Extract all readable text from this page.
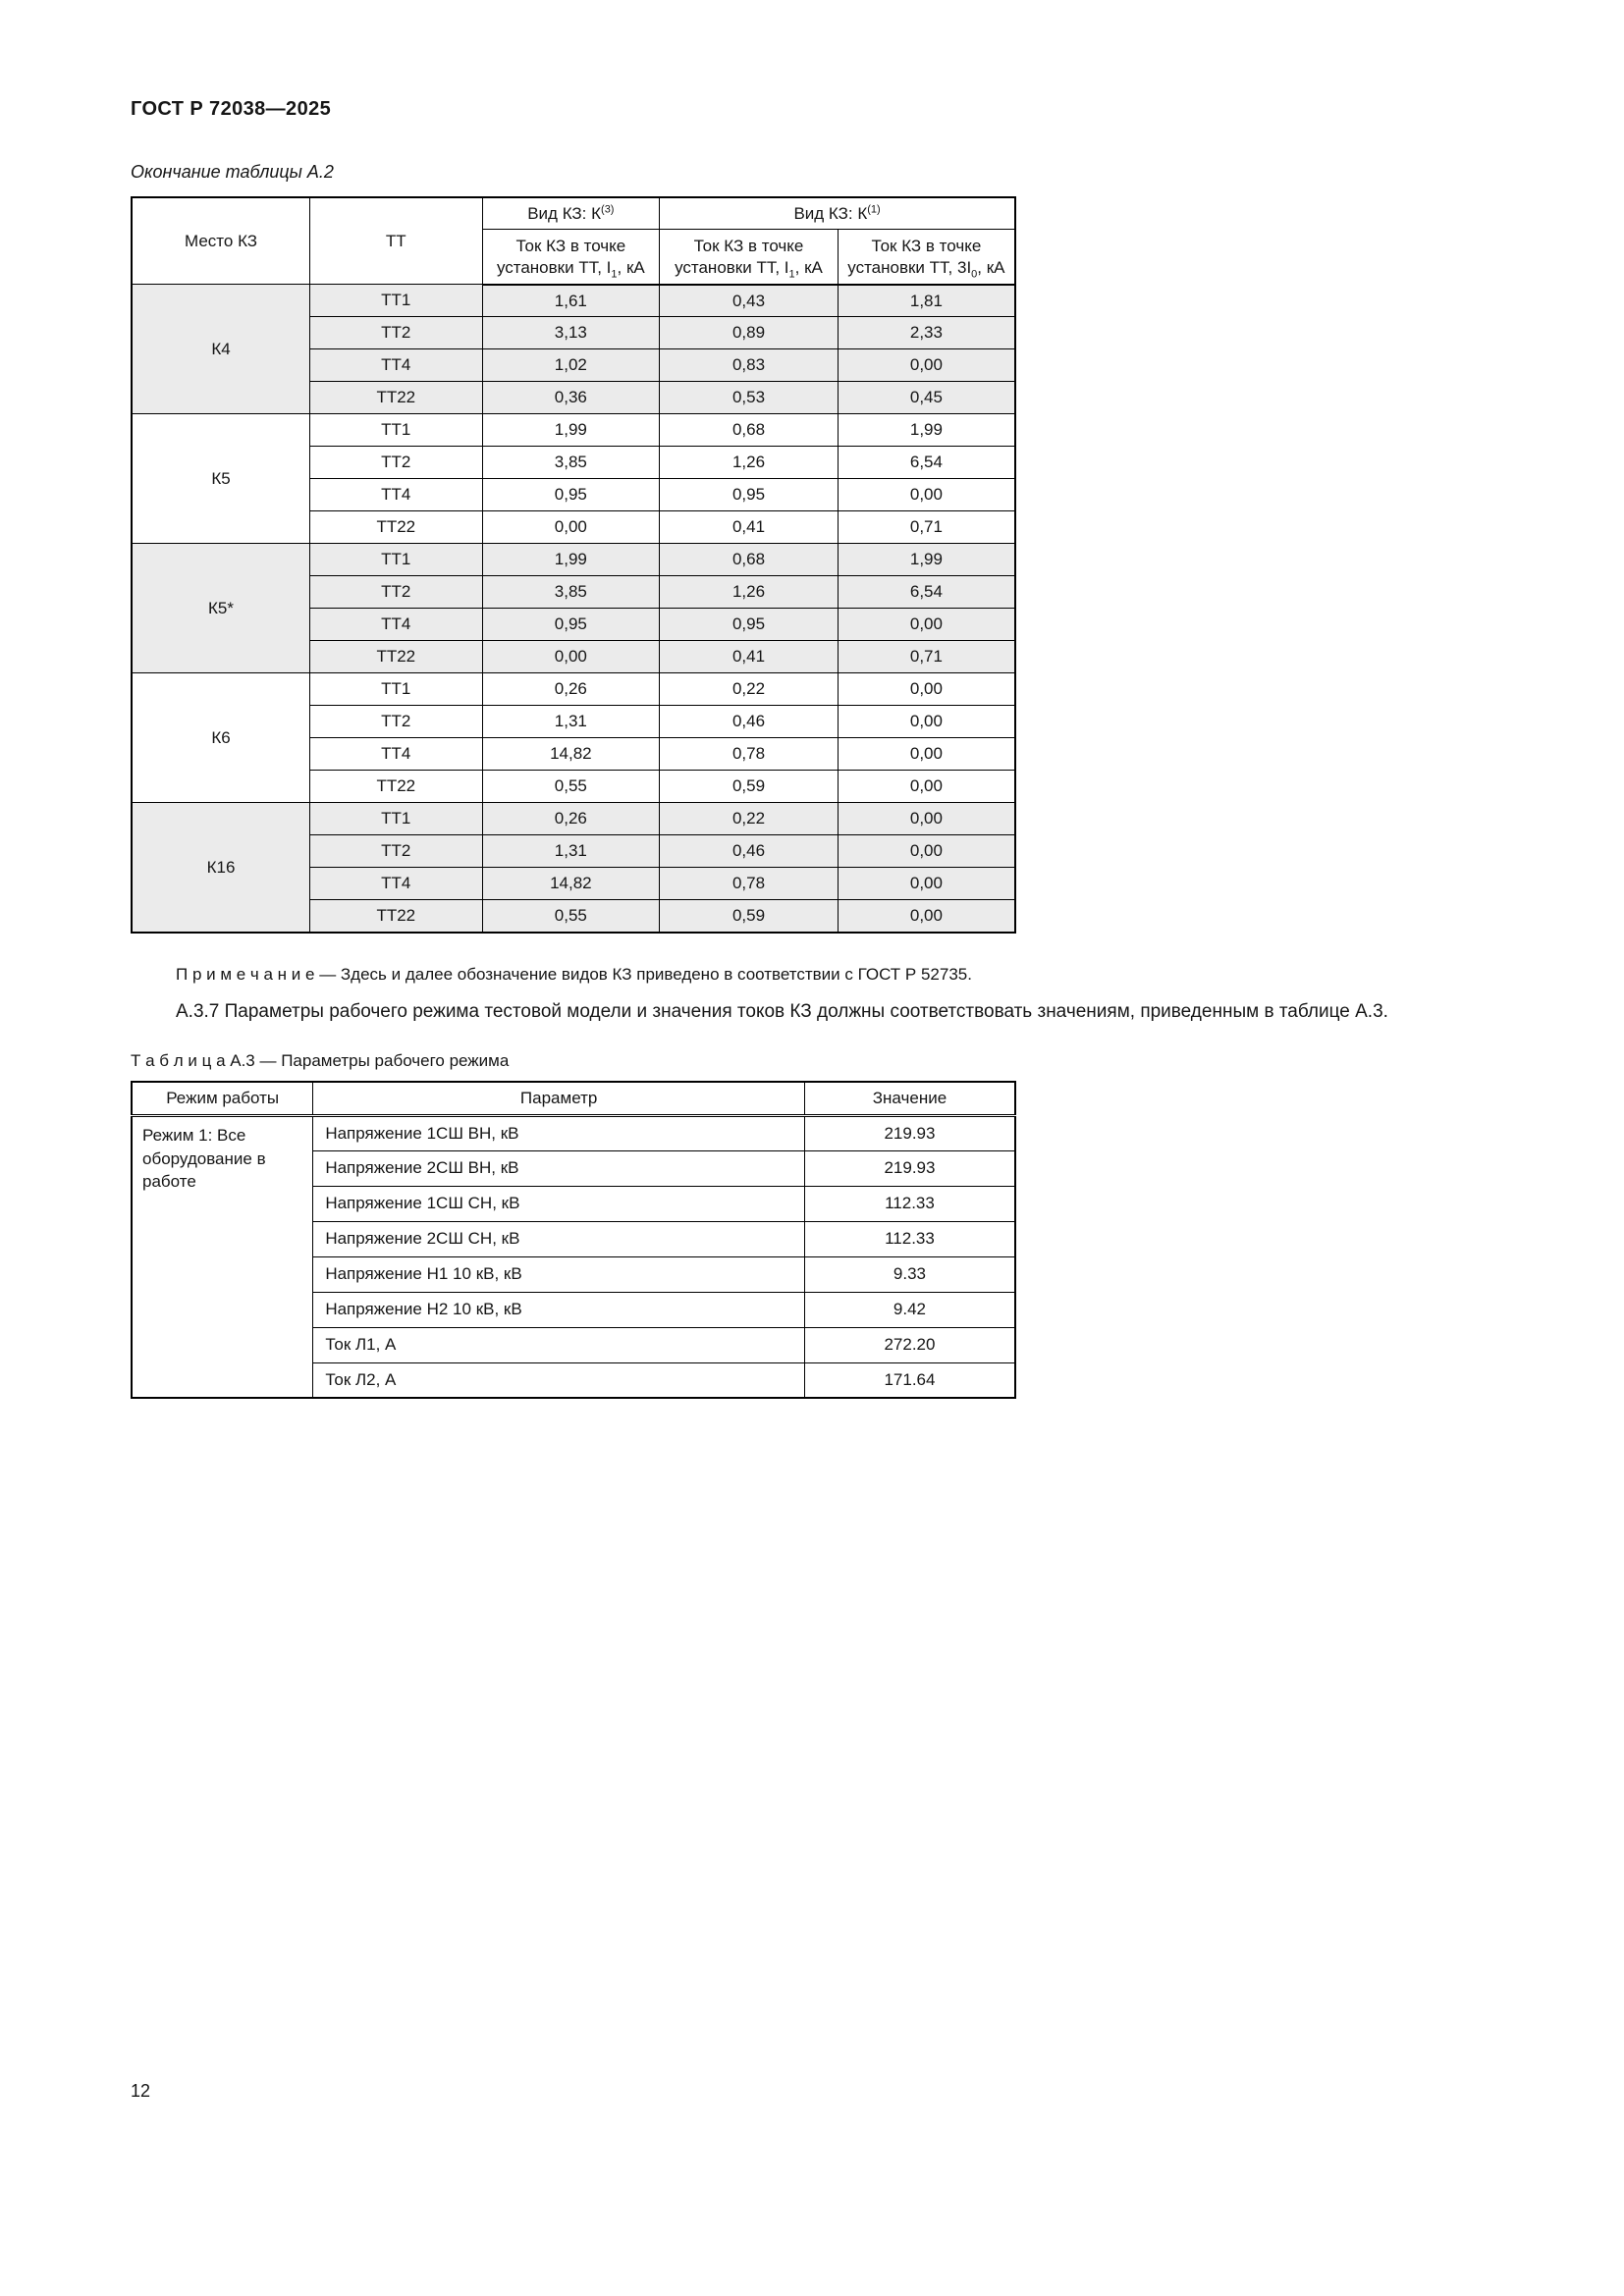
ГОСТ Р 72038—2025
Окончание таблицы А.2
Место КЗ	ТТ	Вид КЗ: $К^{(3)}$	Вид КЗ: $К^{(1)}$
		Ток КЗ в точке установки ТТ, $I_1$, кА	Ток КЗ в точке установки ТТ, $I_1$, кА	Ток КЗ в точке установки ТТ, $3I_0$, кА
К4	ТТ1	1,61	0,43	1,81
	ТТ2	3,13	0,89	2,33
	ТТ4	1,02	0,83	0,00
	ТТ22	0,36	0,53	0,45
К5	ТТ1	1,99	0,68	1,99
	ТТ2	3,85	1,26	6,54
	ТТ4	0,95	0,95	0,00
	ТТ22	0,00	0,41	0,71
К5*	ТТ1	1,99	0,68	1,99
	ТТ2	3,85	1,26	6,54
	ТТ4	0,95	0,95	0,00
	ТТ22	0,00	0,41	0,71
К6	ТТ1	0,26	0,22	0,00
	ТТ2	1,31	0,46	0,00
	ТТ4	14,82	0,78	0,00
	ТТ22	0,55	0,59	0,00
К16	ТТ1	0,26	0,22	0,00
	ТТ2	1,31	0,46	0,00
	ТТ4	14,82	0,78	0,00
	ТТ22	0,55	0,59	0,00
П р и м е ч а н и е — Здесь и далее обозначение видов КЗ приведено в соответствии с ГОСТ Р 52735.
А.3.7 Параметры рабочего режима тестовой модели и значения токов КЗ должны соответствовать значениям, приведенным в таблице А.3.
Т а б л и ц а А.3 — Параметры рабочего режима
Режим работы	Параметр	Значение
Режим 1: Все оборудование в работе	Напряжение 1СШ ВН, кВ	219.93
	Напряжение 2СШ ВН, кВ	219.93
	Напряжение 1СШ СН, кВ	112.33
	Напряжение 2СШ СН, кВ	112.33
	Напряжение Н1 10 кВ, кВ	9.33
	Напряжение Н2 10 кВ, кВ	9.42
	Ток Л1, А	272.20
	Ток Л2, А	171.64
12
